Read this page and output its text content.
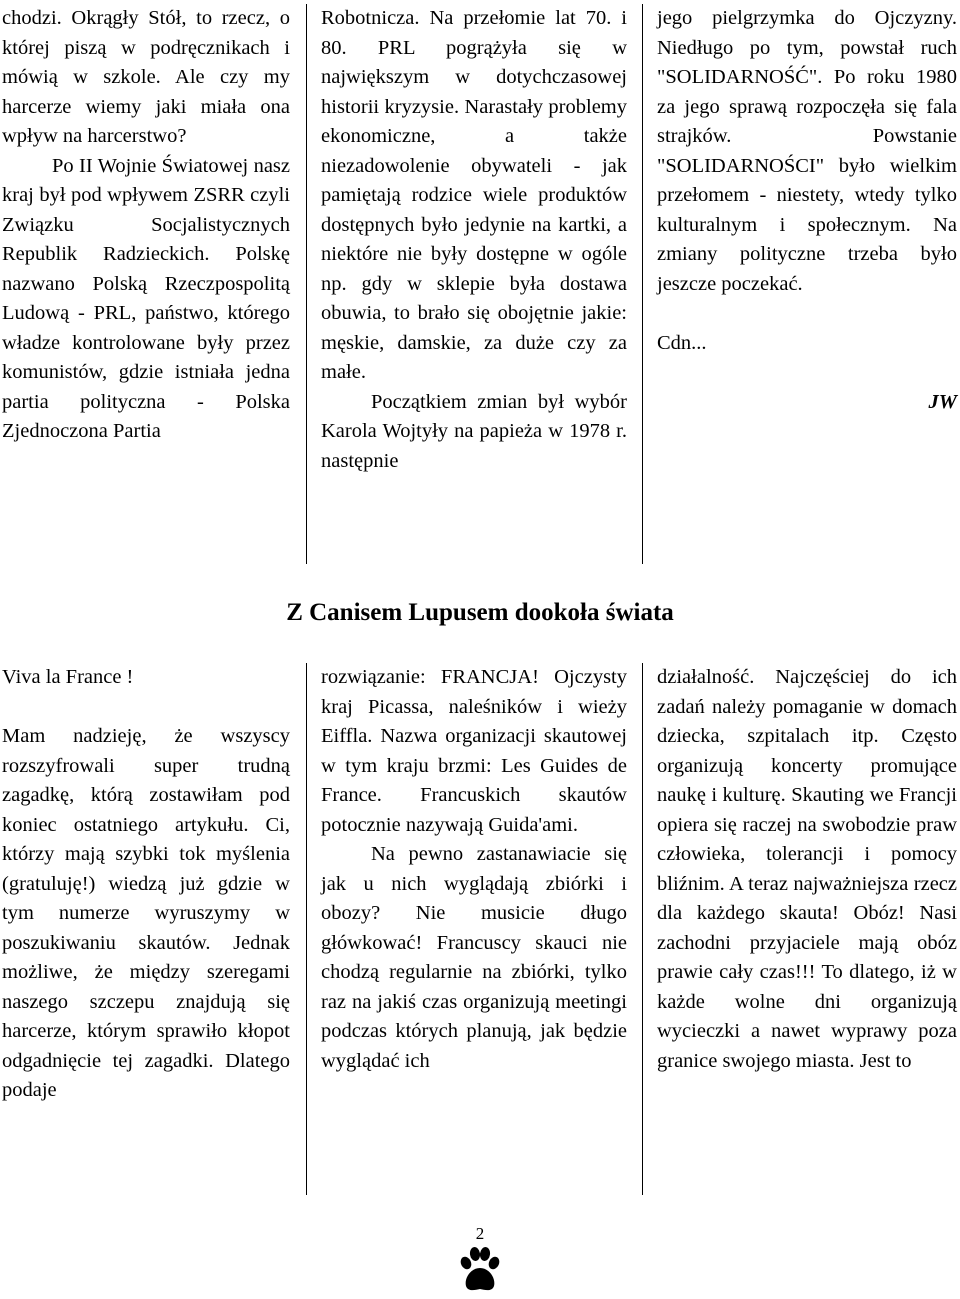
chodzi. Okrągły Stół, to rzecz, o której piszą w podręcznikach i mówią w szkole. Ale czy my harcerze wiemy jaki miała ona wpływ na harcerstwo?

Po II Wojnie Światowej nasz kraj był pod wpływem ZSRR czyli Związku Socjalistycznych Republik Radzieckich. Polskę nazwano Polską Rzeczpospolitą Ludową - PRL, państwo, którego władze kontrolowane były przez komunistów, gdzie istniała jedna partia polityczna - Polska Zjednoczona Partia

Robotnicza. Na przełomie lat 70. i 80. PRL pogrążyła się w największym w dotychczasowej historii kryzysie. Narastały problemy ekonomiczne, a także niezadowolenie obywateli - jak pamiętają rodzice wiele produktów dostępnych było jedynie na kartki, a niektóre nie były dostępne w ogóle np. gdy w sklepie była dostawa obuwia, to brało się obojętnie jakie: męskie, damskie, za duże czy za małe.

Początkiem zmian był wybór Karola Wojtyły na papieża w 1978 r. następnie

jego pielgrzymka do Ojczyzny. Niedługo po tym, powstał ruch "SOLIDARNOŚĆ". Po roku 1980 za jego sprawą rozpoczęła się fala strajków. Powstanie "SOLIDARNOŚCI" było wielkim przełomem - niestety, wtedy tylko kulturalnym i społecznym. Na zmiany polityczne trzeba było jeszcze poczekać.

Cdn...

JW

Z Canisem Lupusem dookoła świata

Viva la France !

Mam nadzieję, że wszyscy rozszyfrowali super trudną zagadkę, którą zostawiłam pod koniec ostatniego artykułu. Ci, którzy mają szybki tok myślenia (gratuluję!) wiedzą już gdzie w tym numerze wyruszymy w poszukiwaniu skautów. Jednak możliwe, że między szeregami naszego szczepu znajdują się harcerze, którym sprawiło kłopot odgadnięcie tej zagadki. Dlatego podaje

rozwiązanie: FRANCJA! Ojczysty kraj Picassa, naleśników i wieży Eiffla. Nazwa organizacji skautowej w tym kraju brzmi: Les Guides de France. Francuskich skautów potocznie nazywają Guida'ami.

Na pewno zastanawiacie się jak u nich wyglądają zbiórki i obozy? Nie musicie długo główkować! Francuscy skauci nie chodzą regularnie na zbiórki, tylko raz na jakiś czas organizują meetingi podczas których planują, jak będzie wyglądać ich

działalność. Najczęściej do ich zadań należy pomaganie w domach dziecka, szpitalach itp. Często organizują koncerty promujące naukę i kulturę. Skauting we Francji opiera się raczej na swobodzie praw człowieka, tolerancji i pomocy bliźnim. A teraz najważniejsza rzecz dla każdego skauta! Obóz! Nasi zachodni przyjaciele mają obóz prawie cały czas!!! To dlatego, iż w każde wolne dni organizują wycieczki a nawet wyprawy poza granice swojego miasta. Jest to

2
